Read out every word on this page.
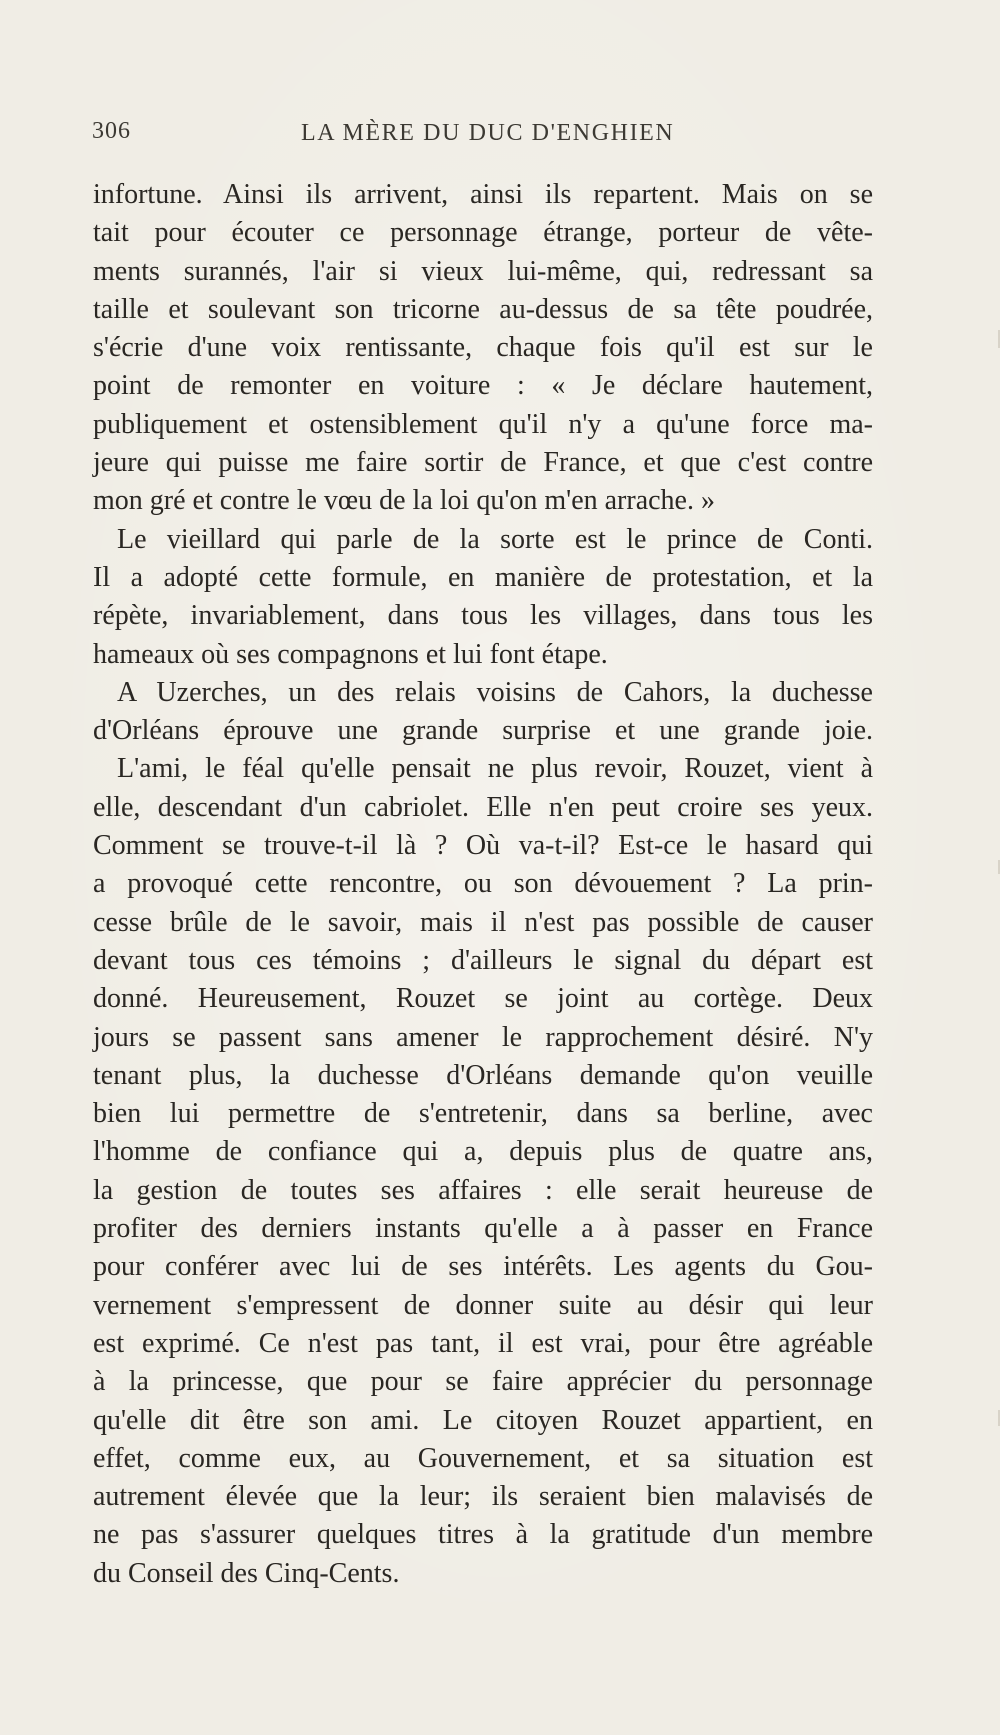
306	LA MÈRE DU DUC D'ENGHIEN
infortune. Ainsi ils arrivent, ainsi ils repartent. Mais on se
tait pour écouter ce personnage étrange, porteur de vête-
ments surannés, l'air si vieux lui-même, qui, redressant sa
taille et soulevant son tricorne au-dessus de sa tête poudrée,
s'écrie d'une voix rentissante, chaque fois qu'il est sur le
point de remonter en voiture : « Je déclare hautement,
publiquement et ostensiblement qu'il n'y a qu'une force ma-
jeure qui puisse me faire sortir de France, et que c'est contre
mon gré et contre le vœu de la loi qu'on m'en arrache. »
Le vieillard qui parle de la sorte est le prince de Conti.
Il a adopté cette formule, en manière de protestation, et la
répète, invariablement, dans tous les villages, dans tous les
hameaux où ses compagnons et lui font étape.
A Uzerches, un des relais voisins de Cahors, la duchesse
d'Orléans éprouve une grande surprise et une grande joie.
L'ami, le féal qu'elle pensait ne plus revoir, Rouzet, vient à
elle, descendant d'un cabriolet. Elle n'en peut croire ses yeux.
Comment se trouve-t-il là ? Où va-t-il? Est-ce le hasard qui
a provoqué cette rencontre, ou son dévouement ? La prin-
cesse brûle de le savoir, mais il n'est pas possible de causer
devant tous ces témoins ; d'ailleurs le signal du départ est
donné. Heureusement, Rouzet se joint au cortège. Deux
jours se passent sans amener le rapprochement désiré. N'y
tenant plus, la duchesse d'Orléans demande qu'on veuille
bien lui permettre de s'entretenir, dans sa berline, avec
l'homme de confiance qui a, depuis plus de quatre ans,
la gestion de toutes ses affaires : elle serait heureuse de
profiter des derniers instants qu'elle a à passer en France
pour conférer avec lui de ses intérêts. Les agents du Gou-
vernement s'empressent de donner suite au désir qui leur
est exprimé. Ce n'est pas tant, il est vrai, pour être agréable
à la princesse, que pour se faire apprécier du personnage
qu'elle dit être son ami. Le citoyen Rouzet appartient, en
effet, comme eux, au Gouvernement, et sa situation est
autrement élevée que la leur; ils seraient bien malavisés de
ne pas s'assurer quelques titres à la gratitude d'un membre
du Conseil des Cinq-Cents.
